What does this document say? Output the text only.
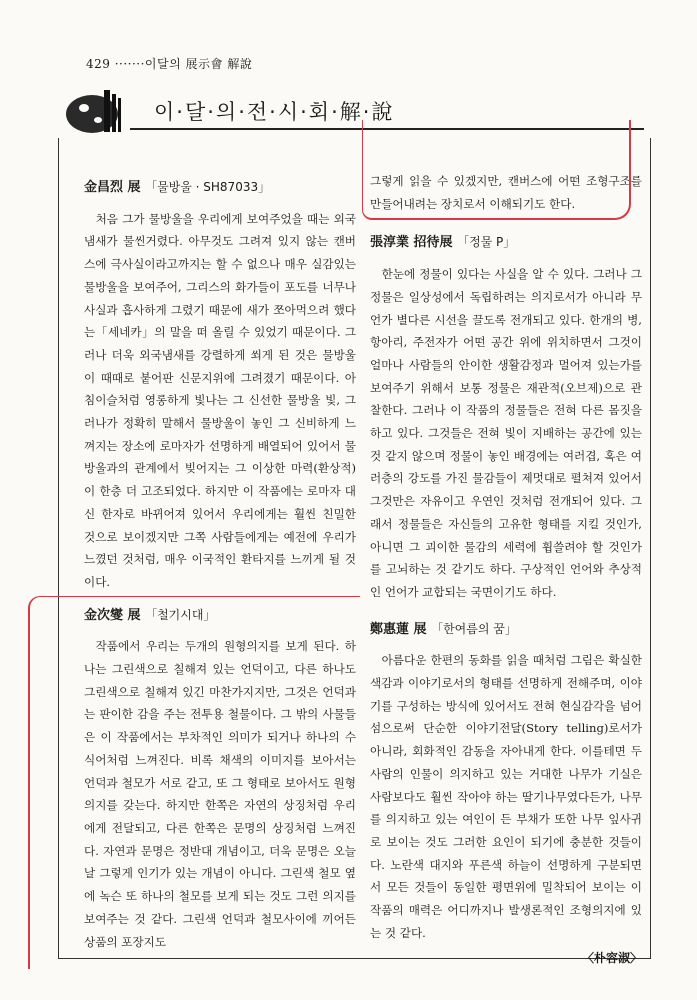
429 ·······이달의 展示會 解說
이·달·의·전·시·회·解·說
金昌烈 展 「물방울 · SH87033」

처음 그가 물방울을 우리에게 보여주었을 때는 외국냄새가 물씬거렸다. 아무것도 그려져 있지 않는 캔버스에 극사실이라고까지는 할 수 없으나 매우 실감있는 물방울을 보여주어, 그리스의 화가들이 포도를 너무나 사실과 흡사하게 그렸기 때문에 새가 쪼아먹으려 했다는「세네카」의 말을 떠 올릴 수 있었기 때문이다. 그러나 더욱 외국냄새를 강렬하게 쐬게 된 것은 물방울이 때때로 붙어판 신문지위에 그려졌기 때문이다. 아침이슬처럼 영롱하게 빛나는 그 신선한 물방울 빛, 그러나가 정확히 말해서 물방울이 놓인 그 신비하게 느껴지는 장소에 로마자가 선명하게 배열되어 있어서 물방울과의 관계에서 빚어지는 그 이상한 마력(환상적)이 한층 더 고조되었다. 하지만 이 작품에는 로마자 대신 한자로 바뀌어져 있어서 우리에게는 훨씬 친밀한 것으로 보이겠지만 그쪽 사람들에게는 예전에 우리가 느꼈던 것처럼, 매우 이국적인 환타지를 느끼게 될 것이다.

金次燮 展 「철기시대」

작품에서 우리는 두개의 원형의지를 보게 된다. 하나는 그린색으로 칠해져 있는 언덕이고, 다른 하나도 그린색으로 칠해져 있긴 마찬가지지만, 그것은 언덕과는 판이한 감을 주는 전투용 철물이다. 그 밖의 사물들은 이 작품에서는 부차적인 의미가 되거나 하나의 수식어처럼 느껴진다. 비록 채색의 이미지를 보아서는 언덕과 철모가 서로 같고, 또 그 형태로 보아서도 원형의지를 갖는다. 하지만 한쪽은 자연의 상징처럼 우리에게 전달되고, 다른 한쪽은 문명의 상징처럼 느껴진다. 자연과 문명은 정반대 개념이고, 더욱 문명은 오늘날 그렇게 인기가 있는 개념이 아니다. 그린색 철모 옆에 녹슨 또 하나의 철모를 보게 되는 것도 그런 의지를 보여주는 것 같다. 그린색 언덕과 철모사이에 끼어든 상품의 포장지도

그렇게 읽을 수 있겠지만, 캔버스에 어떤 조형구조를 만들어내려는 장치로서 이해되기도 한다.

張淳業 招待展 「정물 P」

한눈에 정물이 있다는 사실을 알 수 있다. 그러나 그 정물은 일상성에서 독립하려는 의지로서가 아니라 무언가 별다른 시선을 끌도록 전개되고 있다. 한개의 병, 항아리, 주전자가 어떤 공간 위에 위치하면서 그것이 얼마나 사람들의 안이한 생활감정과 멀어져 있는가를 보여주기 위해서 보통 정물은 재관적(오브제)으로 관찰한다. 그러나 이 작품의 정물들은 전혀 다른 몸짓을 하고 있다. 그것들은 전혀 빛이 지배하는 공간에 있는 것 같지 않으며 정물이 놓인 배경에는 여러겹, 혹은 여러층의 강도를 가진 물감들이 제멋대로 펼쳐져 있어서 그것만은 자유이고 우연인 것처럼 전개되어 있다. 그래서 정물들은 자신들의 고유한 형태를 지킬 것인가, 아니면 그 괴이한 물감의 세력에 휩쓸려야 할 것인가를 고뇌하는 것 같기도 하다. 구상적인 언어와 추상적인 언어가 교합되는 국면이기도 하다.

鄭惠蓮 展 「한여름의 꿈」

아름다운 한편의 동화를 읽을 때처럼 그림은 확실한 색감과 이야기로서의 형태를 선명하게 전해주며, 이야기를 구성하는 방식에 있어서도 전혀 현실감각을 넘어섬으로써 단순한 이야기전달(Story telling)로서가 아니라, 회화적인 감동을 자아내게 한다. 이를테면 두 사람의 인물이 의지하고 있는 거대한 나무가 기실은 사람보다도 훨씬 작아야 하는 딸기나무였다든가, 나무를 의지하고 있는 여인이 든 부채가 또한 나무 잎사귀로 보이는 것도 그러한 요인이 되기에 충분한 것들이다. 노란색 대지와 푸른색 하늘이 선명하게 구분되면서 모든 것들이 동일한 평면위에 밀착되어 보이는 이 작품의 매력은 어디까지나 발생론적인 조형의지에 있는 것 같다.

〈朴容淑〉
